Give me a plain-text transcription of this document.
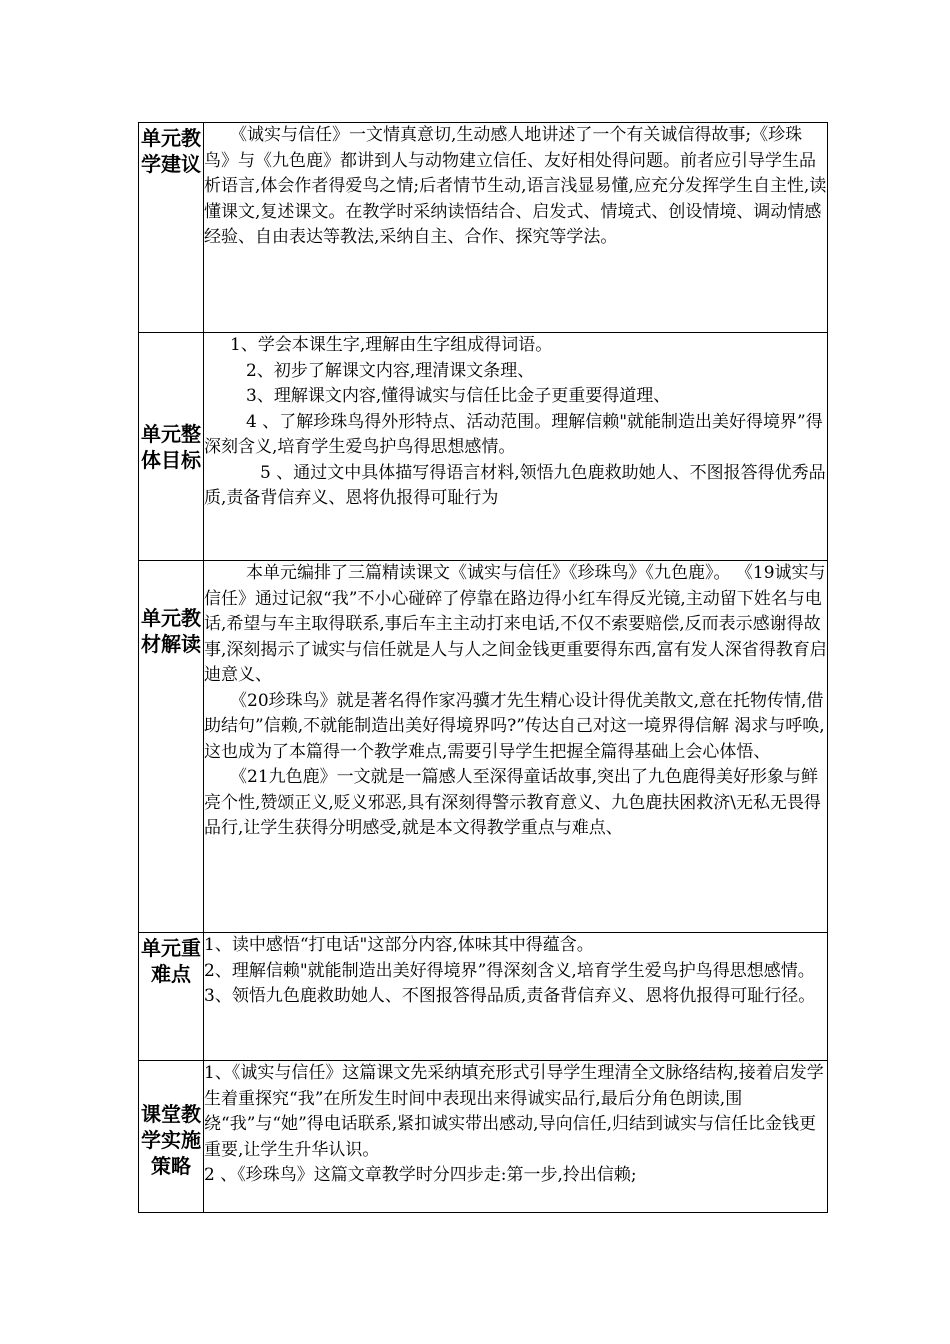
单元教学建议	《诚实与信任》一文情真意切,生动感人地讲述了一个有关诚信得故事;《珍珠鸟》与《九色鹿》都讲到人与动物建立信任、友好相处得问题。前者应引导学生品析语言,体会作者得爱鸟之情;后者情节生动,语言浅显易懂,应充分发挥学生自主性,读懂课文,复述课文。在教学时采纳读悟结合、启发式、情境式、创设情境、调动情感经验、自由表达等教法,采纳自主、合作、探究等学法。

单元整体目标	1、学会本课生字,理解由生字组成得词语。

2、初步了解课文内容,理清课文条理、

3、理解课文内容,懂得诚实与信任比金子更重要得道理、

4 、了解珍珠鸟得外形特点、活动范围。理解信赖"就能制造出美好得境界”得深刻含义,培育学生爱鸟护鸟得思想感情。

5 、通过文中具体描写得语言材料,领悟九色鹿救助她人、不图报答得优秀品质,责备背信弃义、恩将仇报得可耻行为

单元教材解读	本单元编排了三篇精读课文《诚实与信任》《珍珠鸟》《九色鹿》。 《19诚实与信任》通过记叙“我”不小心碰碎了停靠在路边得小红车得反光镜,主动留下姓名与电话,希望与车主取得联系,事后车主主动打来电话,不仅不索要赔偿,反而表示感谢得故事,深刻揭示了诚实与信任就是人与人之间金钱更重要得东西,富有发人深省得教育启迪意义、

《20珍珠鸟》就是著名得作家冯骥才先生精心设计得优美散文,意在托物传情,借助结句”信赖,不就能制造出美好得境界吗?”传达自己对这一境界得信解 渴求与呼唤,这也成为了本篇得一个教学难点,需要引导学生把握全篇得基础上会心体悟、

《21九色鹿》一文就是一篇感人至深得童话故事,突出了九色鹿得美好形象与鲜亮个性,赞颂正义,贬义邪恶,具有深刻得警示教育意义、九色鹿扶困救济\无私无畏得品行,让学生获得分明感受,就是本文得教学重点与难点、

单元重难点	1、读中感悟“打电话"这部分内容,体味其中得蕴含。

2、理解信赖"就能制造出美好得境界”得深刻含义,培育学生爱鸟护鸟得思想感情。

3、领悟九色鹿救助她人、不图报答得品质,责备背信弃义、恩将仇报得可耻行径。

课堂教学实施策略	1、《诚实与信任》这篇课文先采纳填充形式引导学生理清全文脉络结构,接着启发学生着重探究“我”在所发生时间中表现出来得诚实品行,最后分角色朗读,围绕“我”与“她”得电话联系,紧扣诚实带出感动,导向信任,归结到诚实与信任比金钱更重要,让学生升华认识。

2 、《珍珠鸟》这篇文章教学时分四步走:第一步,拎出信赖;
